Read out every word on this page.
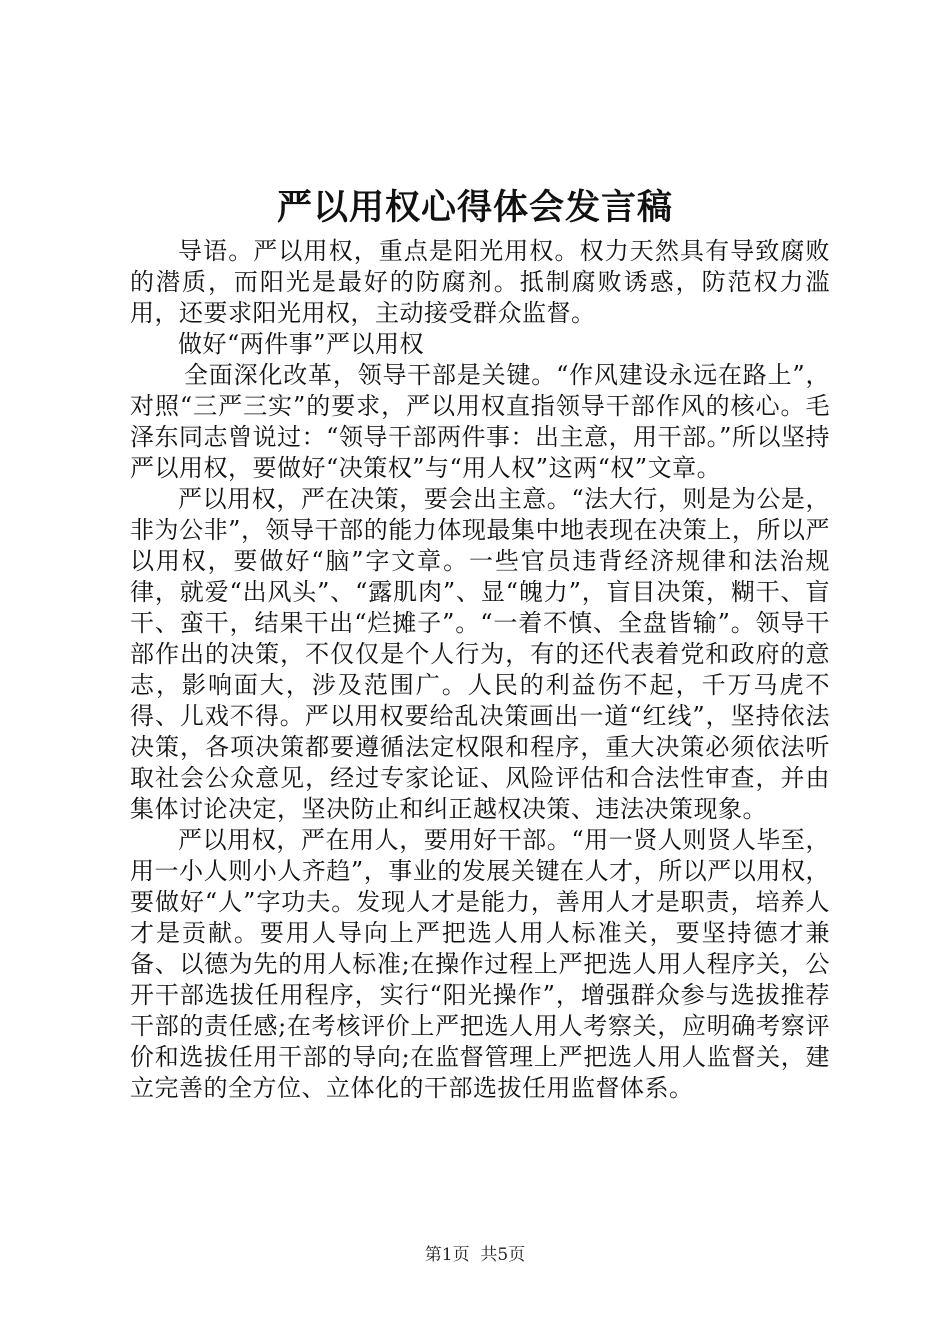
严以用权心得体会发言稿

导语。严以用权，重点是阳光用权。权力天然具有导致腐败的潜质，而阳光是最好的防腐剂。抵制腐败诱惑，防范权力滥用，还要求阳光用权，主动接受群众监督。

做好“两件事”严以用权

全面深化改革，领导干部是关键。“作风建设永远在路上”，对照“三严三实”的要求，严以用权直指领导干部作风的核心。毛泽东同志曾说过：“领导干部两件事：出主意，用干部。”所以坚持严以用权，要做好“决策权”与“用人权”这两“权”文章。

严以用权，严在决策，要会出主意。“法大行，则是为公是，非为公非”，领导干部的能力体现最集中地表现在决策上，所以严以用权，要做好“脑”字文章。一些官员违背经济规律和法治规律，就爱“出风头”、“露肌肉”、显“魄力”，盲目决策，糊干、盲干、蛮干，结果干出“烂摊子”。“一着不慎、全盘皆输”。领导干部作出的决策，不仅仅是个人行为，有的还代表着党和政府的意志，影响面大，涉及范围广。人民的利益伤不起，千万马虎不得、儿戏不得。严以用权要给乱决策画出一道“红线”，坚持依法决策，各项决策都要遵循法定权限和程序，重大决策必须依法听取社会公众意见，经过专家论证、风险评估和合法性审查，并由集体讨论决定，坚决防止和纠正越权决策、违法决策现象。

严以用权，严在用人，要用好干部。“用一贤人则贤人毕至，用一小人则小人齐趋”，事业的发展关键在人才，所以严以用权，要做好“人”字功夫。发现人才是能力，善用人才是职责，培养人才是贡献。要用人导向上严把选人用人标准关，要坚持德才兼备、以德为先的用人标准;在操作过程上严把选人用人程序关，公开干部选拔任用程序，实行“阳光操作”，增强群众参与选拔推荐干部的责任感;在考核评价上严把选人用人考察关，应明确考察评价和选拔任用干部的导向;在监督管理上严把选人用人监督关，建立完善的全方位、立体化的干部选拔任用监督体系。

第1页  共5页
